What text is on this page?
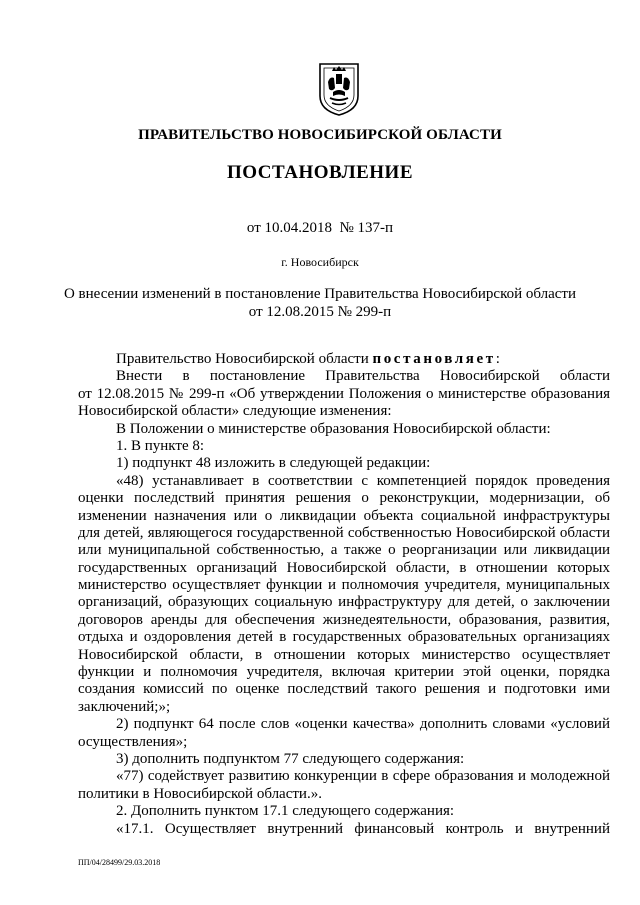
ПРАВИТЕЛЬСТВО НОВОСИБИРСКОЙ ОБЛАСТИ
ПОСТАНОВЛЕНИЕ
от 10.04.2018  № 137-п
г. Новосибирск
О внесении изменений в постановление Правительства Новосибирской области
от 12.08.2015 № 299-п
Правительство Новосибирской области постановляет:
Внести в постановление Правительства Новосибирской области
от 12.08.2015 № 299-п «Об утверждении Положения о министерстве образования
Новосибирской области» следующие изменения:
В Положении о министерстве образования Новосибирской области:
1. В пункте 8:
1) подпункт 48 изложить в следующей редакции:
«48) устанавливает в соответствии с компетенцией порядок проведения
оценки последствий принятия решения о реконструкции, модернизации, об
изменении назначения или о ликвидации объекта социальной инфраструктуры
для детей, являющегося государственной собственностью Новосибирской области
или муниципальной собственностью, а также о реорганизации или ликвидации
государственных организаций Новосибирской области, в отношении которых
министерство осуществляет функции и полномочия учредителя, муниципальных
организаций, образующих социальную инфраструктуру для детей, о заключении
договоров аренды для обеспечения жизнедеятельности, образования, развития,
отдыха и оздоровления детей в государственных образовательных организациях
Новосибирской области, в отношении которых министерство осуществляет
функции и полномочия учредителя, включая критерии этой оценки, порядка
создания комиссий по оценке последствий такого решения и подготовки ими
заключений;»;
2) подпункт 64 после слов «оценки качества» дополнить словами «условий
осуществления»;
3) дополнить подпунктом 77 следующего содержания:
«77) содействует развитию конкуренции в сфере образования и молодежной
политики в Новосибирской области.».
2. Дополнить пунктом 17.1 следующего содержания:
«17.1. Осуществляет внутренний финансовый контроль и внутренний
ПП/04/28499/29.03.2018
